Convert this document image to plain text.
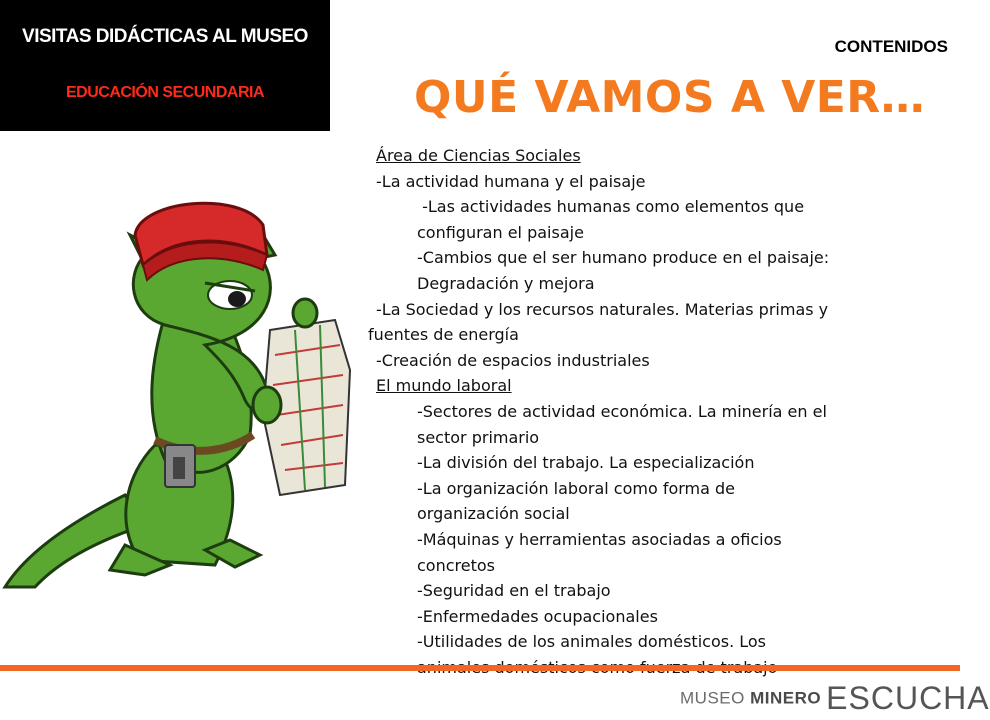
VISITAS DIDÁCTICAS AL MUSEO
EDUCACIÓN SECUNDARIA
CONTENIDOS
QUÉ VAMOS A VER…
Área de Ciencias Sociales
-La actividad humana y el paisaje
-Las actividades humanas como elementos que
configuran el paisaje
-Cambios que el ser humano produce en el paisaje:
Degradación y mejora
-La Sociedad y los recursos naturales. Materias primas y
fuentes de energía
-Creación de espacios industriales
El mundo laboral
-Sectores de actividad económica. La minería en el
sector primario
-La división del trabajo. La especialización
-La organización laboral como forma de
organización social
-Máquinas y herramientas asociadas a oficios
concretos
-Seguridad en el trabajo
-Enfermedades ocupacionales
-Utilidades de los animales domésticos. Los
MUSEO MINERO ESCUCHA
